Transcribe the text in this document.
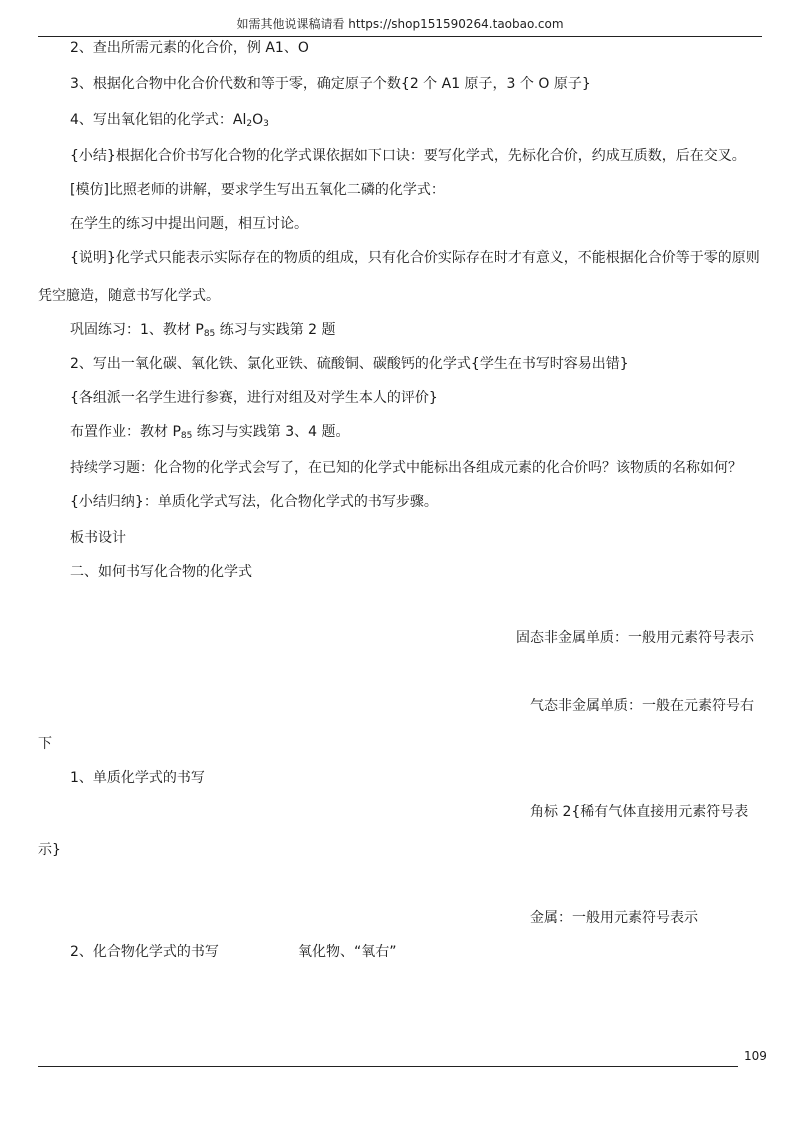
如需其他说课稿请看 https://shop151590264.taobao.com
2、查出所需元素的化合价，例 A1、O
3、根据化合物中化合价代数和等于零，确定原子个数{2 个 A1 原子，3 个 O 原子}
4、写出氧化铝的化学式：$Al_2O_3$
{小结}根据化合价书写化合物的化学式课依据如下口诀：要写化学式，先标化合价，约成互质数，后在交叉。
[模仿]比照老师的讲解，要求学生写出五氧化二磷的化学式：
在学生的练习中提出问题，相互讨论。
{说明}化学式只能表示实际存在的物质的组成，只有化合价实际存在时才有意义，不能根据化合价等于零的原则
凭空臆造，随意书写化学式。
巩固练习：1、教材 $P_{85}$ 练习与实践第 2 题
2、写出一氧化碳、氧化铁、氯化亚铁、硫酸铜、碳酸钙的化学式{学生在书写时容易出错}
{各组派一名学生进行参赛，进行对组及对学生本人的评价}
布置作业：教材 $P_{85}$ 练习与实践第 3、4 题。
持续学习题：化合物的化学式会写了，在已知的化学式中能标出各组成元素的化合价吗？该物质的名称如何？
{小结归纳}：单质化学式写法，化合物化学式的书写步骤。
板书设计
二、如何书写化合物的化学式
固态非金属单质：一般用元素符号表示
气态非金属单质：一般在元素符号右
下
1、单质化学式的书写
角标 2{稀有气体直接用元素符号表
示}
金属：一般用元素符号表示
2、化合物化学式的书写	氧化物、“氧右”
109
